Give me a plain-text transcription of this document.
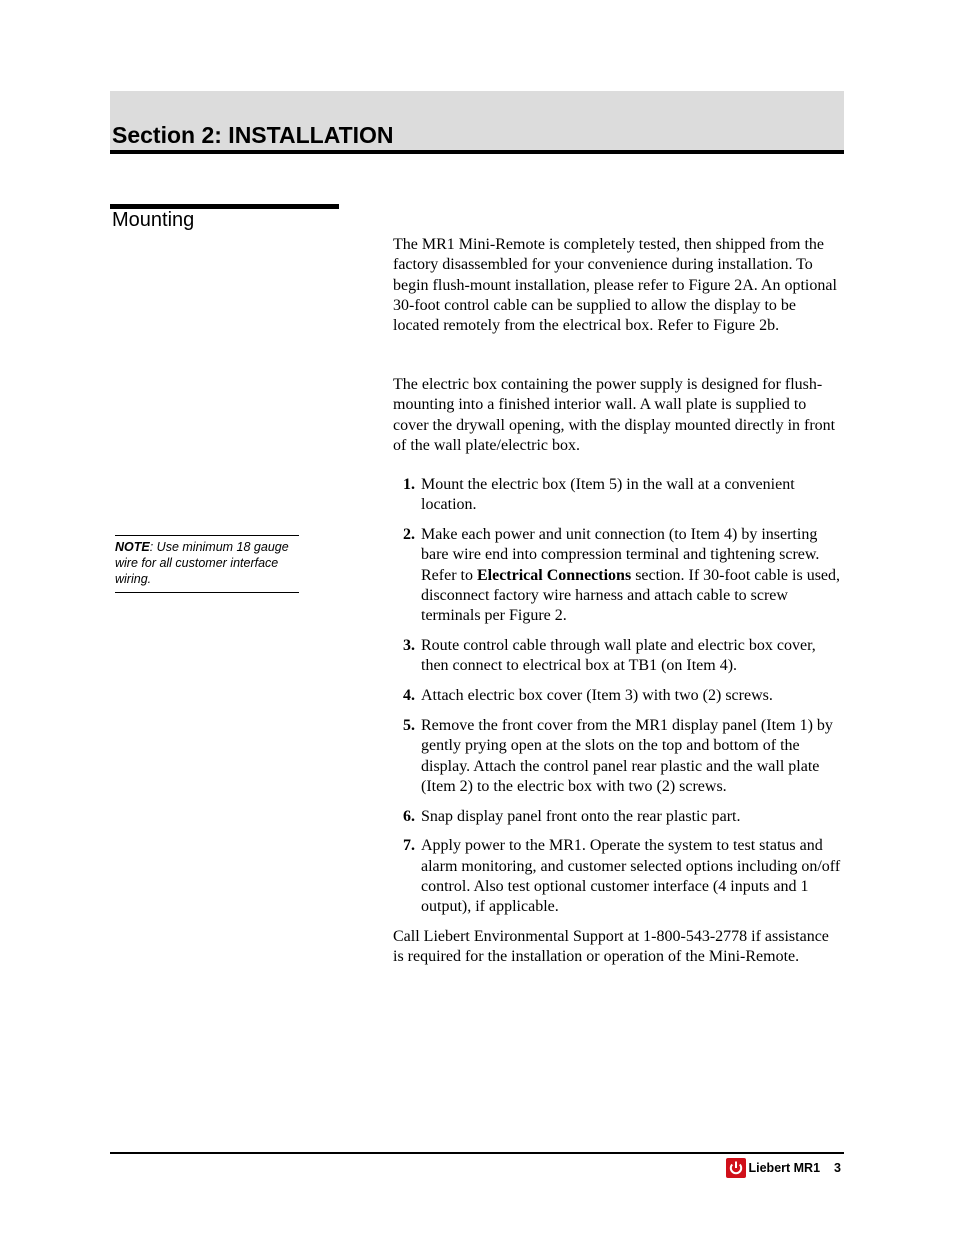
Section 2: INSTALLATION
Mounting
NOTE: Use minimum 18 gauge wire for all customer interface wiring.

The MR1 Mini-Remote is completely tested, then shipped from the factory disassembled for your convenience during installation. To begin flush-mount installation, please refer to Figure 2A. An optional 30-foot control cable can be supplied to allow the display to be located remotely from the electrical box. Refer to Figure 2b.

The electric box containing the power supply is designed for flush-mounting into a finished interior wall. A wall plate is supplied to cover the drywall opening, with the display mounted directly in front of the wall plate/electric box.

1. Mount the electric box (Item 5) in the wall at a convenient location.
2. Make each power and unit connection (to Item 4) by inserting bare wire end into compression terminal and tightening screw. Refer to Electrical Connections section. If 30-foot cable is used, disconnect factory wire harness and attach cable to screw terminals per Figure 2.
3. Route control cable through wall plate and electric box cover, then connect to electrical box at TB1 (on Item 4).
4. Attach electric box cover (Item 3) with two (2) screws.
5. Remove the front cover from the MR1 display panel (Item 1) by gently prying open at the slots on the top and bottom of the display. Attach the control panel rear plastic and the wall plate (Item 2) to the electric box with two (2) screws.
6. Snap display panel front onto the rear plastic part.
7. Apply power to the MR1. Operate the system to test status and alarm monitoring, and customer selected options including on/off control. Also test optional customer interface (4 inputs and 1 output), if applicable.

Call Liebert Environmental Support at 1-800-543-2778 if assistance is required for the installation or operation of the Mini-Remote.

Liebert MR1 3
